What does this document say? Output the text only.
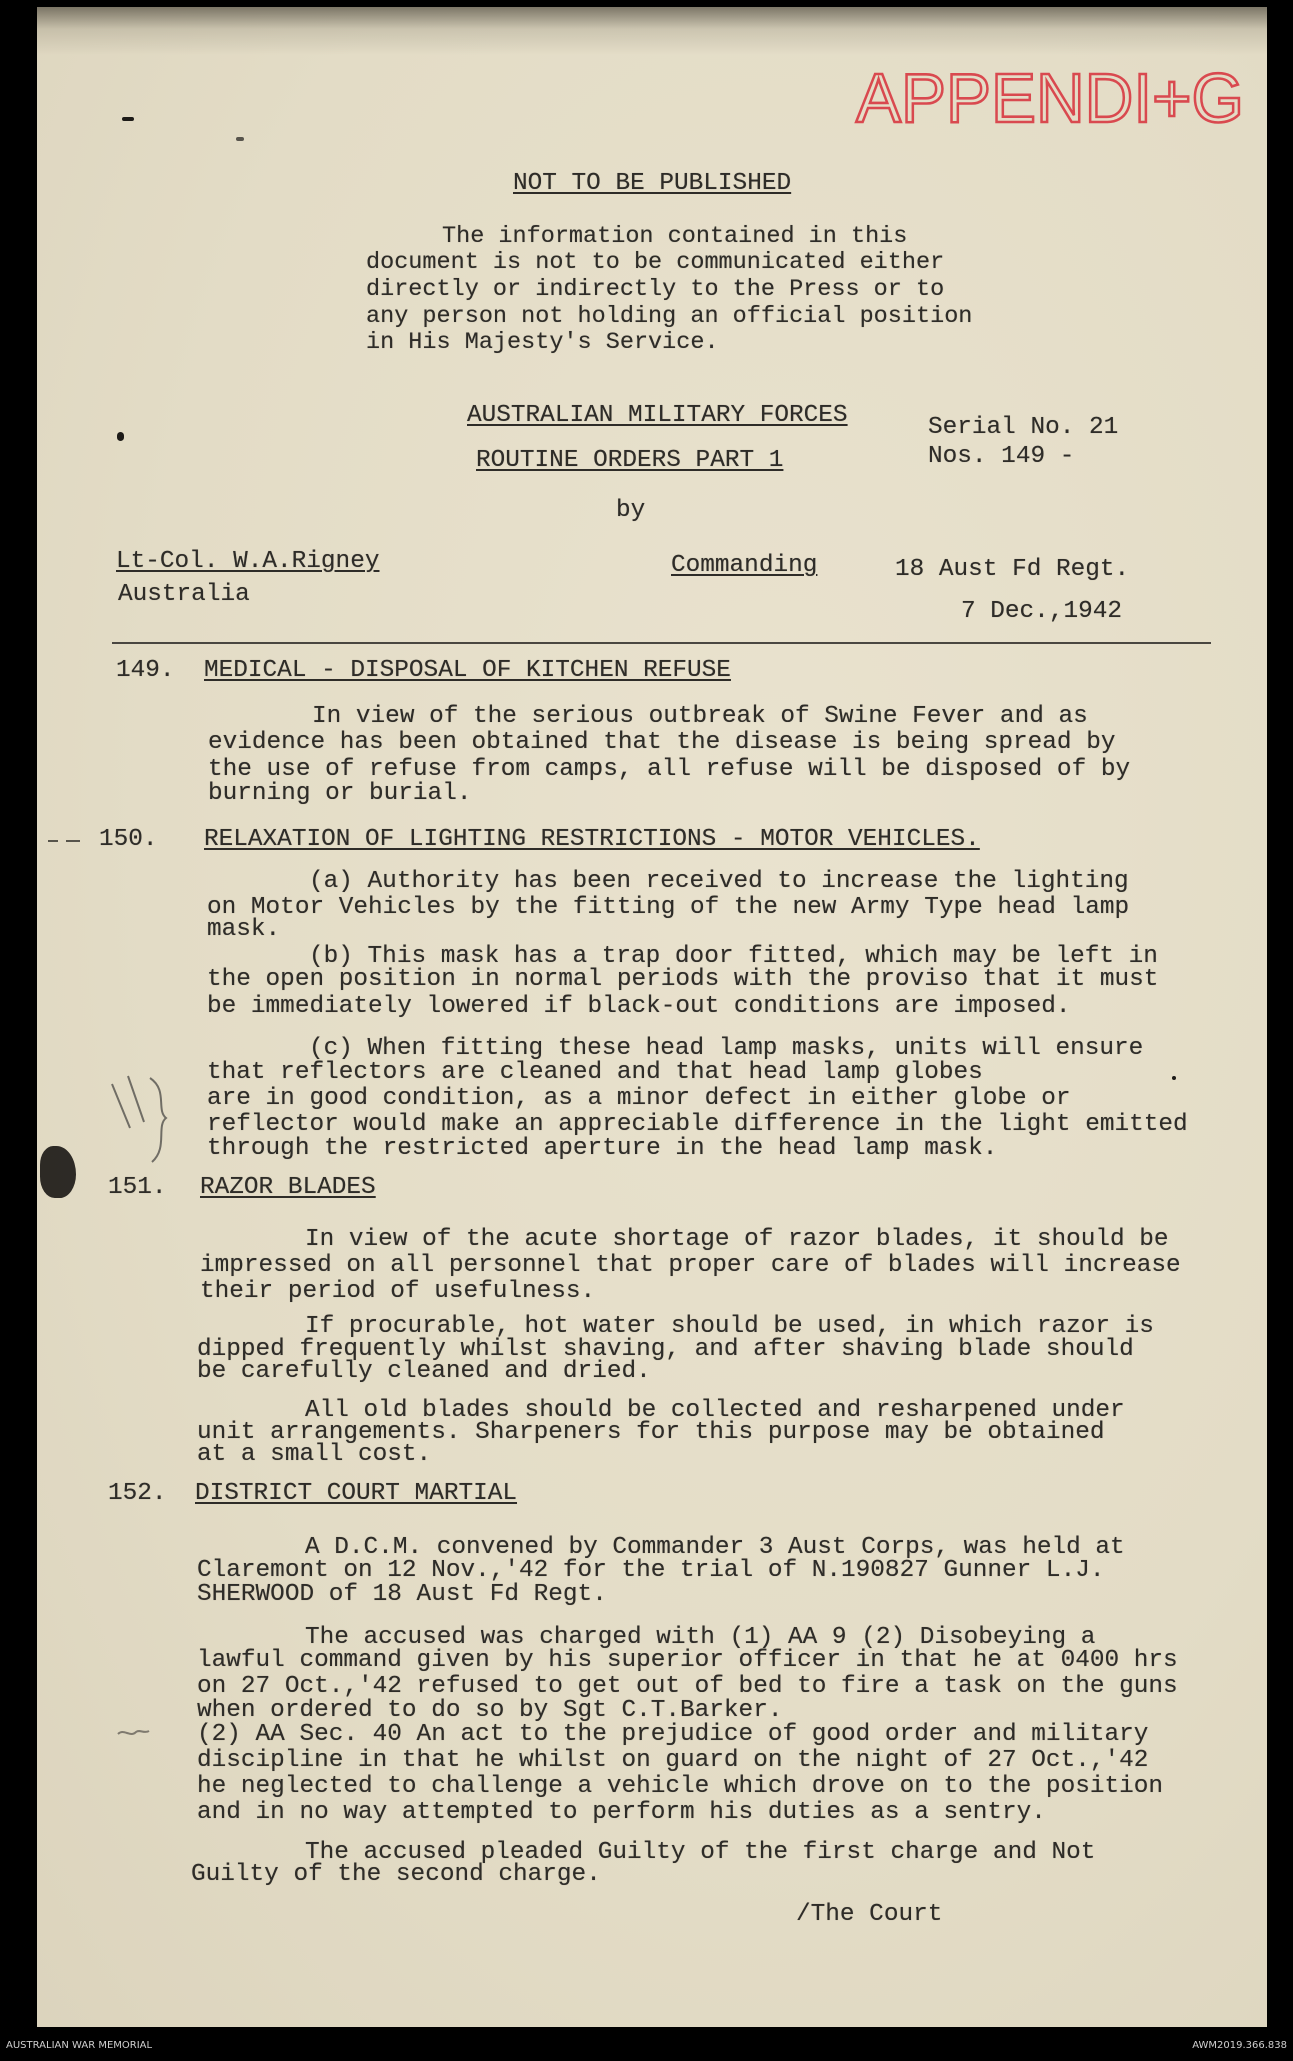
APPENDI+G
NOT TO BE PUBLISHED
The information contained in this
document is not to be communicated either
directly or indirectly to the Press or to
any person not holding an official position
in His Majesty's Service.
AUSTRALIAN MILITARY FORCES	Serial No. 21
ROUTINE ORDERS PART 1	Nos. 149 -
by
Lt-Col. W.A.Rigney	Commanding	18 Aust Fd Regt.
Australia
7 Dec.,1942
149. MEDICAL - DISPOSAL OF KITCHEN REFUSE
In view of the serious outbreak of Swine Fever and as
evidence has been obtained that the disease is being spread by
the use of refuse from camps, all refuse will be disposed of by
burning or burial.
150. RELAXATION OF LIGHTING RESTRICTIONS - MOTOR VEHICLES.
(a) Authority has been received to increase the lighting
on Motor Vehicles by the fitting of the new Army Type head lamp
mask.
(b) This mask has a trap door fitted, which may be left in
the open position in normal periods with the proviso that it must
be immediately lowered if black-out conditions are imposed.
(c) When fitting these head lamp masks, units will ensure
that reflectors are cleaned and that head lamp globes
are in good condition, as a minor defect in either globe or
reflector would make an appreciable difference in the light emitted
through the restricted aperture in the head lamp mask.
151. RAZOR BLADES
In view of the acute shortage of razor blades, it should be
impressed on all personnel that proper care of blades will increase
their period of usefulness.
If procurable, hot water should be used, in which razor is
dipped frequently whilst shaving, and after shaving blade should
be carefully cleaned and dried.
All old blades should be collected and resharpened under
unit arrangements. Sharpeners for this purpose may be obtained
at a small cost.
152. DISTRICT COURT MARTIAL
A D.C.M. convened by Commander 3 Aust Corps, was held at
Claremont on 12 Nov.,'42 for the trial of N.190827 Gunner L.J.
SHERWOOD of 18 Aust Fd Regt.
The accused was charged with (1) AA 9 (2) Disobeying a
lawful command given by his superior officer in that he at 0400 hrs
on 27 Oct.,'42 refused to get out of bed to fire a task on the guns
when ordered to do so by Sgt C.T.Barker.
(2) AA Sec. 40 An act to the prejudice of good order and military
discipline in that he whilst on guard on the night of 27 Oct.,'42
he neglected to challenge a vehicle which drove on to the position
and in no way attempted to perform his duties as a sentry.
The accused pleaded Guilty of the first charge and Not
Guilty of the second charge.
/The Court
AUSTRALIAN WAR MEMORIAL	AWM2019.366.838
